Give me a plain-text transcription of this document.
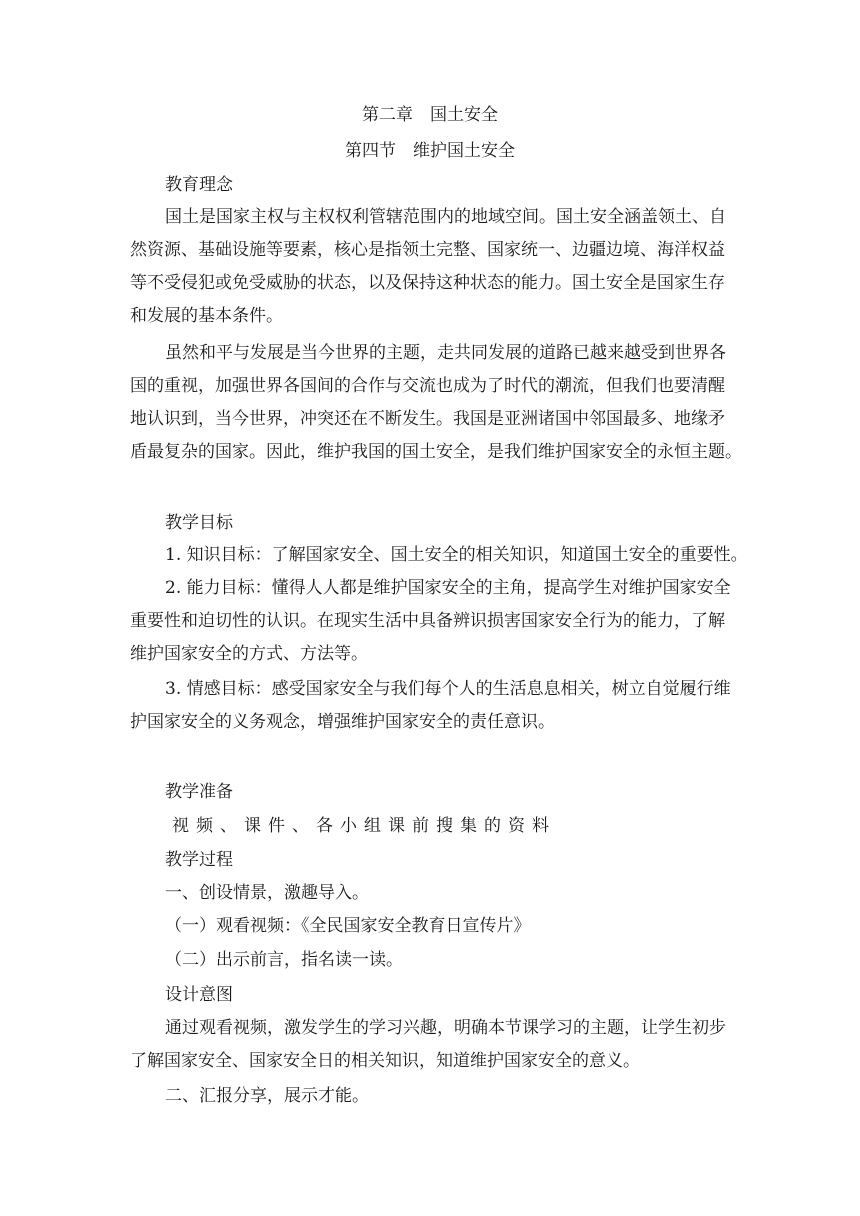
第二章　国土安全
第四节　维护国土安全
教育理念
国土是国家主权与主权权利管辖范围内的地域空间。国土安全涵盖领土、自
然资源、基础设施等要素，核心是指领土完整、国家统一、边疆边境、海洋权益
等不受侵犯或免受威胁的状态，以及保持这种状态的能力。国土安全是国家生存
和发展的基本条件。
虽然和平与发展是当今世界的主题，走共同发展的道路已越来越受到世界各
国的重视，加强世界各国间的合作与交流也成为了时代的潮流，但我们也要清醒
地认识到，当今世界，冲突还在不断发生。我国是亚洲诸国中邻国最多、地缘矛
盾最复杂的国家。因此，维护我国的国土安全，是我们维护国家安全的永恒主题。
教学目标
1. 知识目标：了解国家安全、国土安全的相关知识，知道国土安全的重要性。
2. 能力目标：懂得人人都是维护国家安全的主角，提高学生对维护国家安全
重要性和迫切性的认识。在现实生活中具备辨识损害国家安全行为的能力，了解
维护国家安全的方式、方法等。
3. 情感目标：感受国家安全与我们每个人的生活息息相关，树立自觉履行维
护国家安全的义务观念，增强维护国家安全的责任意识。
教学准备
视频、课件、各小组课前搜集的资料
教学过程
一、创设情景，激趣导入。
（一）观看视频：《全民国家安全教育日宣传片》
（二）出示前言，指名读一读。
设计意图
通过观看视频，激发学生的学习兴趣，明确本节课学习的主题，让学生初步
了解国家安全、国家安全日的相关知识，知道维护国家安全的意义。
二、汇报分享，展示才能。
